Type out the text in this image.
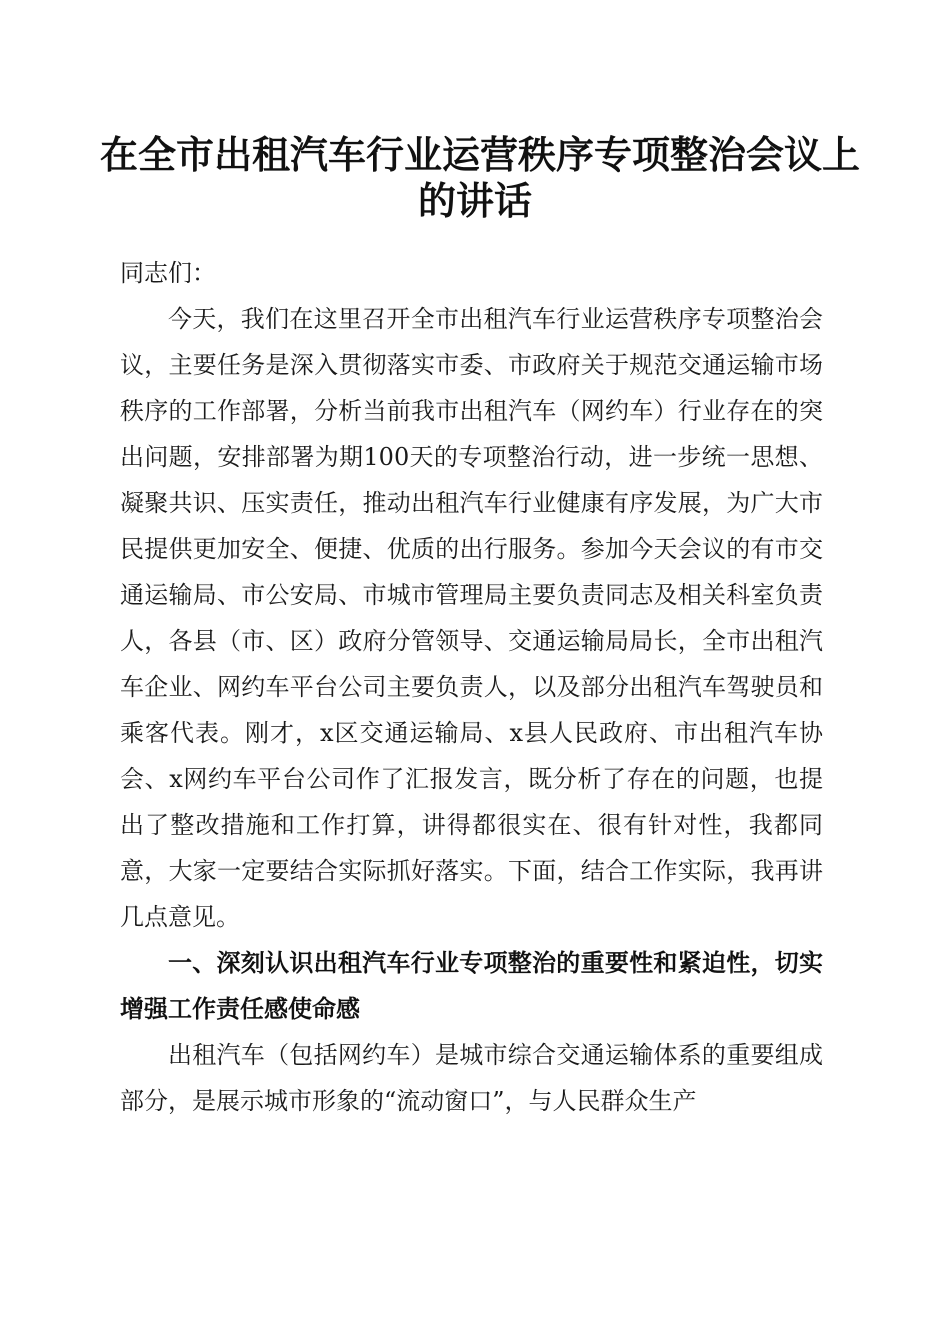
在全市出租汽车行业运营秩序专项整治会议上
的讲话

同志们：

今天，我们在这里召开全市出租汽车行业运营秩序专项整治会议，主要任务是深入贯彻落实市委、市政府关于规范交通运输市场秩序的工作部署，分析当前我市出租汽车（网约车）行业存在的突出问题，安排部署为期100天的专项整治行动，进一步统一思想、凝聚共识、压实责任，推动出租汽车行业健康有序发展，为广大市民提供更加安全、便捷、优质的出行服务。参加今天会议的有市交通运输局、市公安局、市城市管理局主要负责同志及相关科室负责人，各县（市、区）政府分管领导、交通运输局局长，全市出租汽车企业、网约车平台公司主要负责人，以及部分出租汽车驾驶员和乘客代表。刚才，x区交通运输局、x县人民政府、市出租汽车协会、x网约车平台公司作了汇报发言，既分析了存在的问题，也提出了整改措施和工作打算，讲得都很实在、很有针对性，我都同意，大家一定要结合实际抓好落实。下面，结合工作实际，我再讲几点意见。

一、深刻认识出租汽车行业专项整治的重要性和紧迫性，切实增强工作责任感使命感

出租汽车（包括网约车）是城市综合交通运输体系的重要组成部分，是展示城市形象的“流动窗口”，与人民群众生产
